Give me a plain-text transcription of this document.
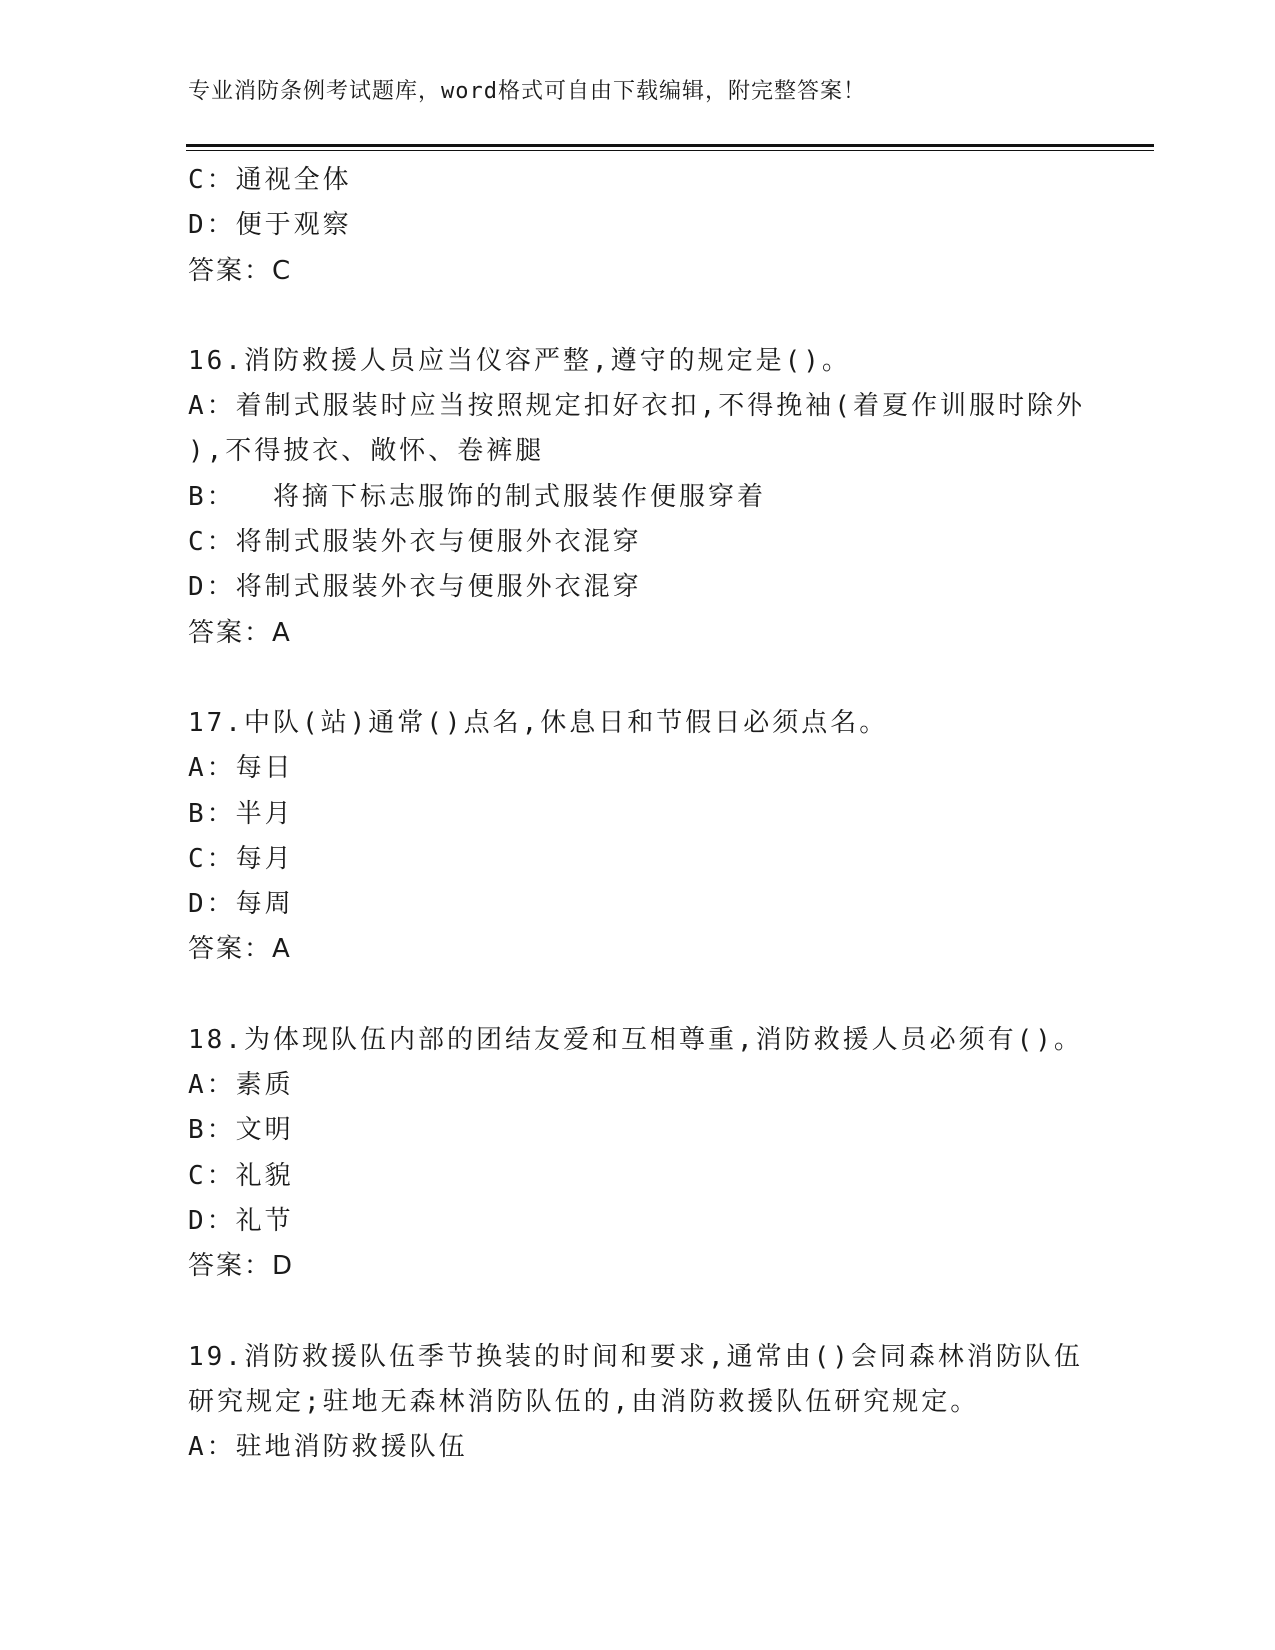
专业消防条例考试题库，word格式可自由下载编辑，附完整答案！
C：通视全体
D：便于观察
答案：C
16.消防救援人员应当仪容严整,遵守的规定是()。
A：着制式服装时应当按照规定扣好衣扣,不得挽袖(着夏作训服时除外
),不得披衣、敞怀、卷裤腿
B：  将摘下标志服饰的制式服装作便服穿着
C：将制式服装外衣与便服外衣混穿
D：将制式服装外衣与便服外衣混穿
答案：A
17.中队(站)通常()点名,休息日和节假日必须点名。
A：每日
B：半月
C：每月
D：每周
答案：A
18.为体现队伍内部的团结友爱和互相尊重,消防救援人员必须有()。
A：素质
B：文明
C：礼貌
D：礼节
答案：D
19.消防救援队伍季节换装的时间和要求,通常由()会同森林消防队伍
研究规定;驻地无森林消防队伍的,由消防救援队伍研究规定。
A：驻地消防救援队伍
